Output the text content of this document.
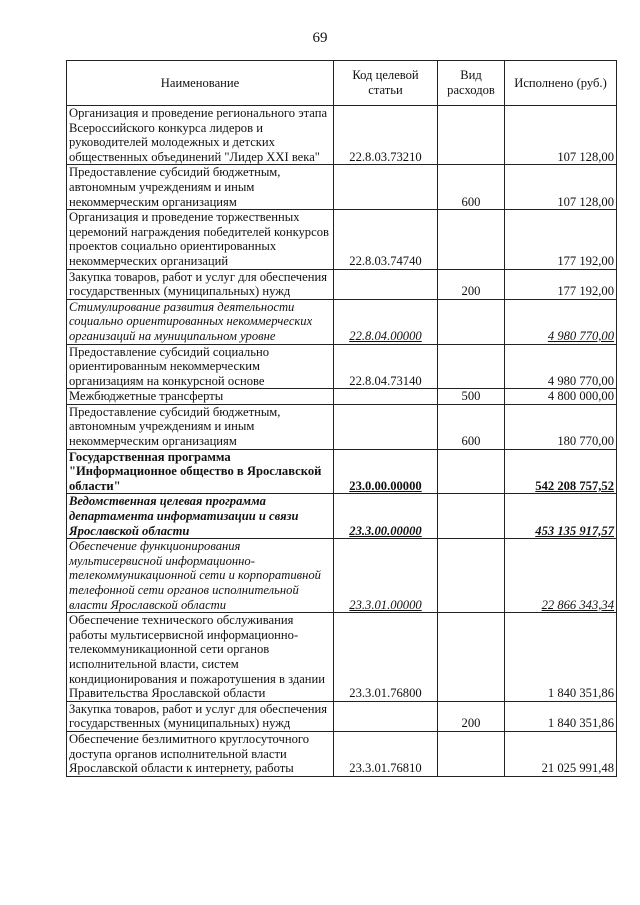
69
Наименование	Код целевой статьи	Вид расходов	Исполнено (руб.)
Организация и проведение регионального этапа Всероссийского конкурса лидеров и руководителей молодежных и детских общественных объединений "Лидер XXI века"	22.8.03.73210		107 128,00
Предоставление субсидий бюджетным, автономным учреждениям и иным некоммерческим организациям		600	107 128,00
Организация и проведение торжественных церемоний награждения победителей конкурсов проектов социально ориентированных некоммерческих организаций	22.8.03.74740		177 192,00
Закупка товаров, работ и услуг для обеспечения государственных (муниципальных) нужд		200	177 192,00
Стимулирование развития деятельности социально ориентированных некоммерческих организаций на муниципальном уровне	22.8.04.00000		4 980 770,00
Предоставление субсидий социально ориентированным некоммерческим организациям на конкурсной основе	22.8.04.73140		4 980 770,00
Межбюджетные трансферты		500	4 800 000,00
Предоставление субсидий бюджетным, автономным учреждениям и иным некоммерческим организациям		600	180 770,00
Государственная программа "Информационное общество в Ярославской области"	23.0.00.00000		542 208 757,52
Ведомственная целевая программа департамента информатизации и связи Ярославской области	23.3.00.00000		453 135 917,57
Обеспечение функционирования мультисервисной информационно-телекоммуникационной сети и корпоративной телефонной сети органов исполнительной власти Ярославской области	23.3.01.00000		22 866 343,34
Обеспечение технического обслуживания работы мультисервисной информационно-телекоммуникационной сети органов исполнительной власти, систем кондиционирования и пожаротушения в здании Правительства Ярославской области	23.3.01.76800		1 840 351,86
Закупка товаров, работ и услуг для обеспечения государственных (муниципальных) нужд		200	1 840 351,86
Обеспечение безлимитного круглосуточного доступа органов исполнительной власти Ярославской области к интернету, работы	23.3.01.76810		21 025 991,48
